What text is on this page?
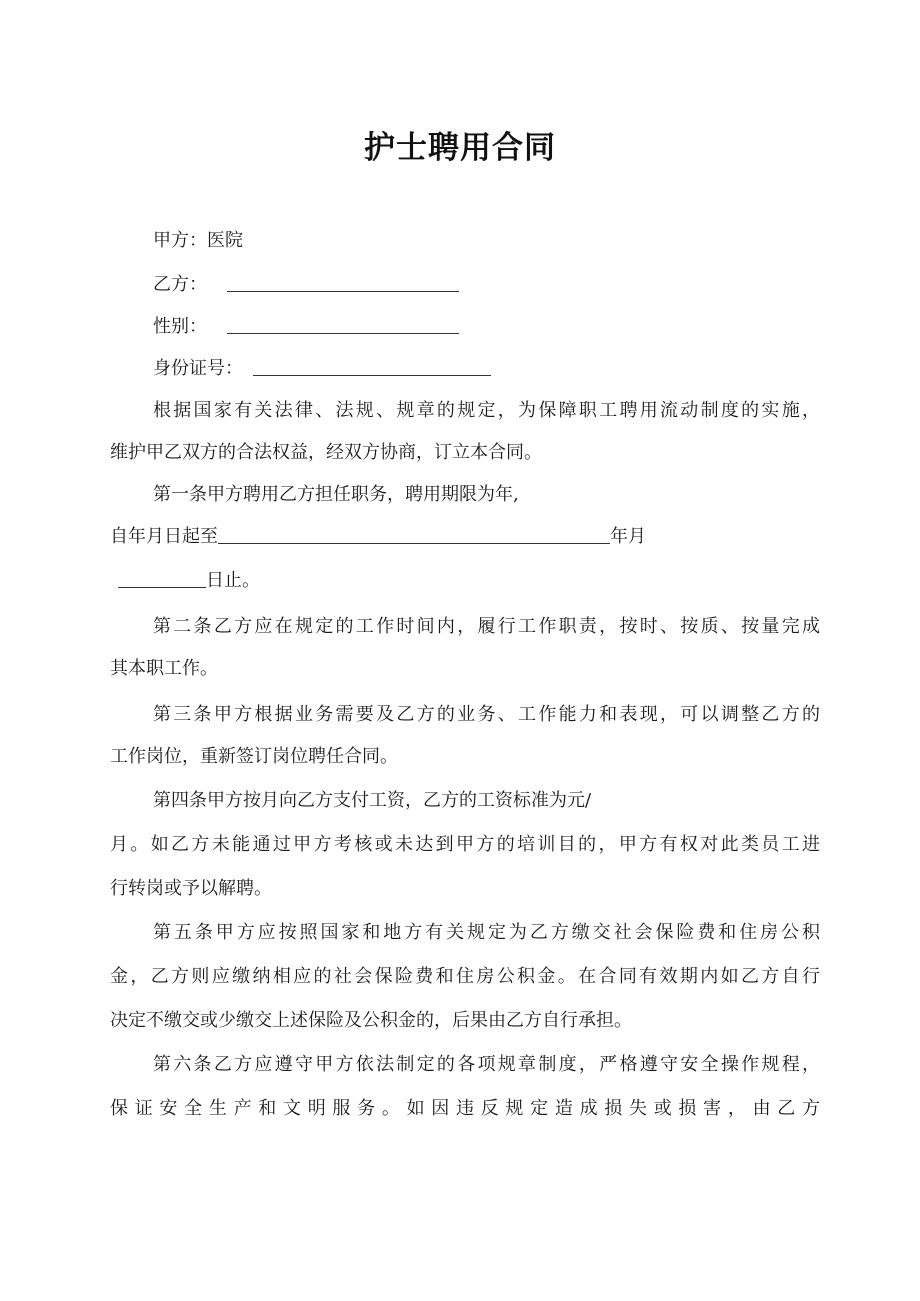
护士聘用合同
甲方：医院
乙方：
性别：
身份证号：
根据国家有关法律、法规、规章的规定，为保障职工聘用流动制度的实施，
维护甲乙双方的合法权益，经双方协商，订立本合同。
第一条甲方聘用乙方担任职务，聘用期限为年,
自年月日起至	年月
日止。
第二条乙方应在规定的工作时间内，履行工作职责，按时、按质、按量完成
其本职工作。
第三条甲方根据业务需要及乙方的业务、工作能力和表现，可以调整乙方的
工作岗位，重新签订岗位聘任合同。
第四条甲方按月向乙方支付工资，乙方的工资标准为元/
月。如乙方未能通过甲方考核或未达到甲方的培训目的，甲方有权对此类员工进
行转岗或予以解聘。
第五条甲方应按照国家和地方有关规定为乙方缴交社会保险费和住房公积
金，乙方则应缴纳相应的社会保险费和住房公积金。在合同有效期内如乙方自行
决定不缴交或少缴交上述保险及公积金的，后果由乙方自行承担。
第六条乙方应遵守甲方依法制定的各项规章制度，严格遵守安全操作规程，
保证安全生产和文明服务。如因违反规定造成损失或损害，由乙方
